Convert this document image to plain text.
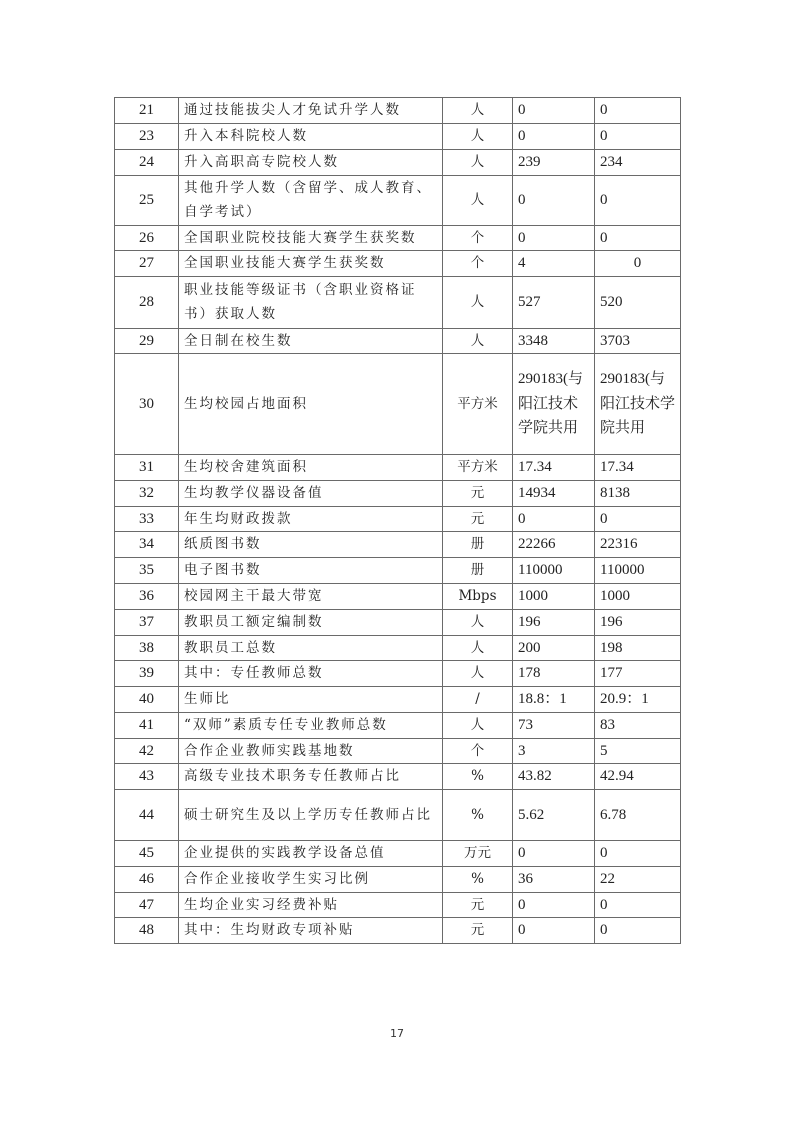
21	通过技能拔尖人才免试升学人数	人	0	0
23	升入本科院校人数	人	0	0
24	升入高职高专院校人数	人	239	234
25	其他升学人数（含留学、成人教育、自学考试）	人	0	0
26	全国职业院校技能大赛学生获奖数	个	0	0
27	全国职业技能大赛学生获奖数	个	4	0
28	职业技能等级证书（含职业资格证书）获取人数	人	527	520
29	全日制在校生数	人	3348	3703
30	生均校园占地面积	平方米	290183(与阳江技术学院共用	290183(与阳江技术学院共用
31	生均校舍建筑面积	平方米	17.34	17.34
32	生均教学仪器设备值	元	14934	8138
33	年生均财政拨款	元	0	0
34	纸质图书数	册	22266	22316
35	电子图书数	册	110000	110000
36	校园网主干最大带宽	Mbps	1000	1000
37	教职员工额定编制数	人	196	196
38	教职员工总数	人	200	198
39	其中：专任教师总数	人	178	177
40	生师比	/	18.8：1	20.9：1
41	“双师”素质专任专业教师总数	人	73	83
42	合作企业教师实践基地数	个	3	5
43	高级专业技术职务专任教师占比	%	43.82	42.94
44	硕士研究生及以上学历专任教师占比	%	5.62	6.78
45	企业提供的实践教学设备总值	万元	0	0
46	合作企业接收学生实习比例	%	36	22
47	生均企业实习经费补贴	元	0	0
48	其中：生均财政专项补贴	元	0	0
17
